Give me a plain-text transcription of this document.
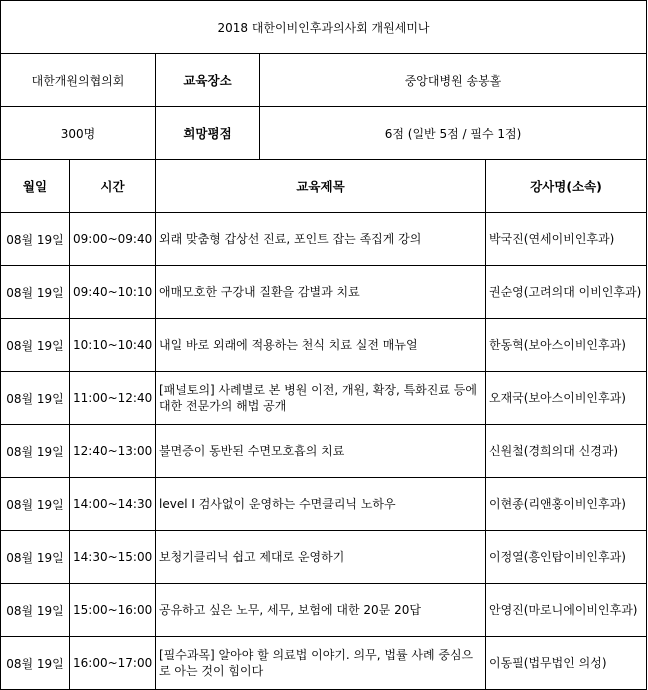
2018 대한이비인후과의사회 개원세미나				
대한개원의협의회		교육장소	중앙대병원 송봉홀	
300명		희망평점	6점 (일반 5점 / 필수 1점)	
월일	시간	교육제목		강사명(소속)
08월 19일	09:00~09:40	외래 맞춤형 갑상선 진료, 포인트 잡는 족집게 강의		박국진(연세이비인후과)
08월 19일	09:40~10:10	애매모호한 구강내 질환을 감별과 치료		권순영(고려의대 이비인후과)
08월 19일	10:10~10:40	내일 바로 외래에 적용하는 천식 치료 실전 매뉴얼		한동혁(보아스이비인후과)
08월 19일	11:00~12:40	[패널토의] 사례별로 본 병원 이전, 개원, 확장, 특화진료 등에 대한 전문가의 해법 공개		오재국(보아스이비인후과)
08월 19일	12:40~13:00	불면증이 동반된 수면모호흡의 치료		신원철(경희의대 신경과)
08월 19일	14:00~14:30	level Ⅰ 검사없이 운영하는 수면클리닉 노하우		이현종(리앤홍이비인후과)
08월 19일	14:30~15:00	보청기클리닉 쉽고 제대로 운영하기		이정열(흥인탑이비인후과)
08월 19일	15:00~16:00	공유하고 싶은 노무, 세무, 보험에 대한 20문 20답		안영진(마로니에이비인후과)
08월 19일	16:00~17:00	[필수과목] 알아야 할 의료법 이야기. 의무, 법률 사례 중심으로 아는 것이 힘이다		이동필(법무법인 의성)
